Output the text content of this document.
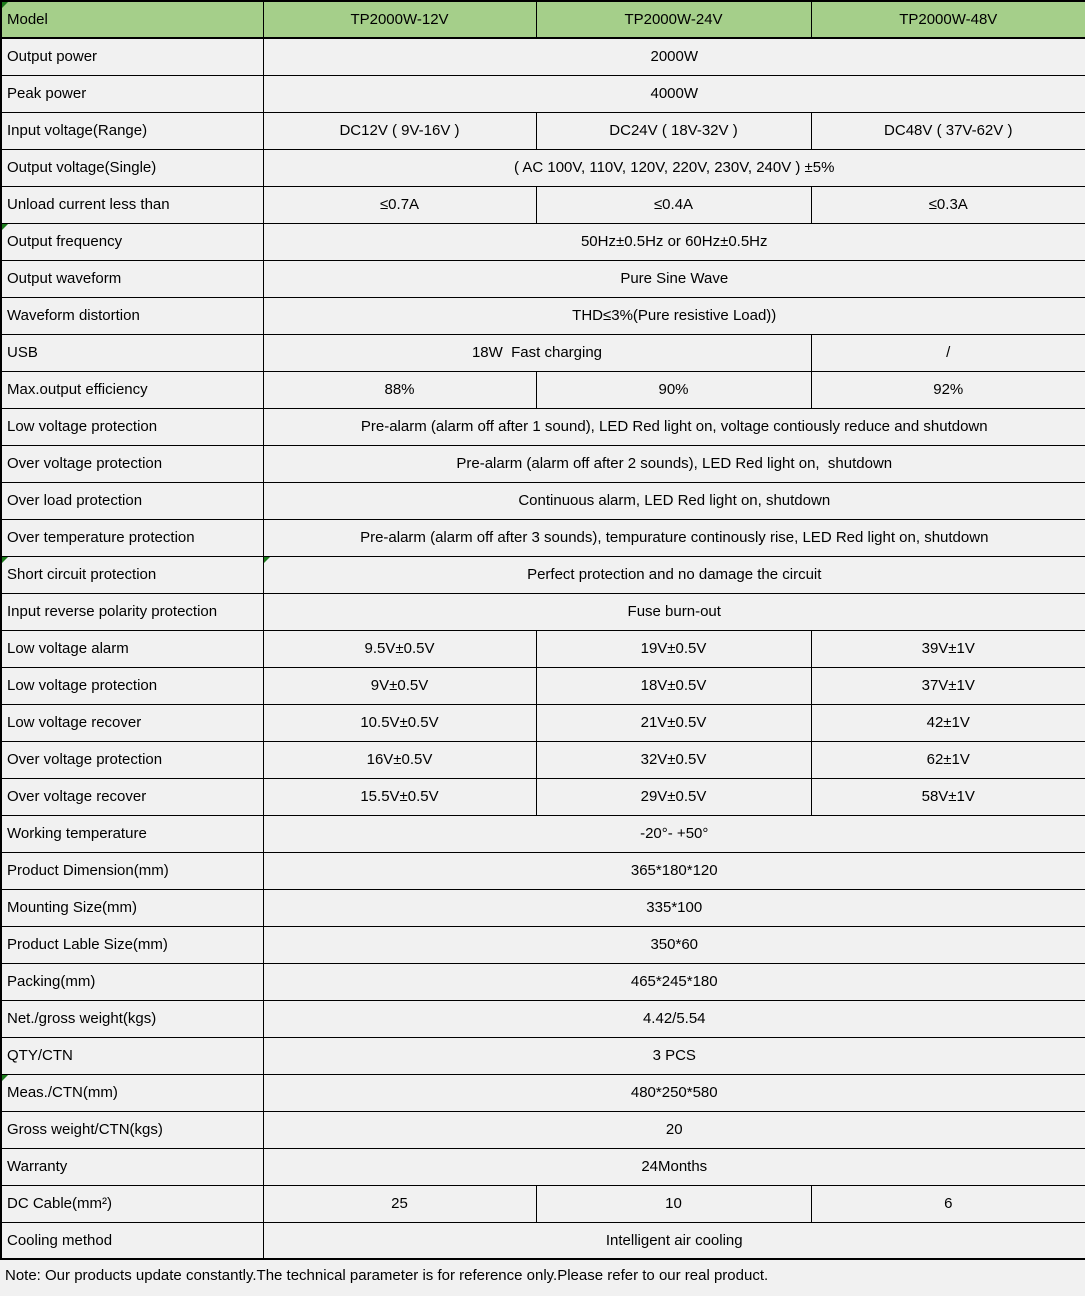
Model	TP2000W-12V	TP2000W-24V	TP2000W-48V
Output power	2000W		
Peak power	4000W		
Input voltage(Range)	DC12V ( 9V-16V )	DC24V ( 18V-32V )	DC48V ( 37V-62V )
Output voltage(Single)	( AC 100V, 110V, 120V, 220V, 230V, 240V ) ±5%		
Unload current less than	≤0.7A	≤0.4A	≤0.3A
Output frequency	50Hz±0.5Hz or 60Hz±0.5Hz		
Output waveform	Pure Sine Wave		
Waveform distortion	THD≤3%(Pure resistive Load))		
USB	18W  Fast charging		/
Max.output efficiency	88%	90%	92%
Low voltage protection	Pre-alarm (alarm off after 1 sound), LED Red light on, voltage contiously reduce and shutdown		
Over voltage protection	Pre-alarm (alarm off after 2 sounds), LED Red light on,  shutdown		
Over load protection	Continuous alarm, LED Red light on, shutdown		
Over temperature protection	Pre-alarm (alarm off after 3 sounds), tempurature continously rise, LED Red light on, shutdown		
Short circuit protection	Perfect protection and no damage the circuit		
Input reverse polarity protection	Fuse burn-out		
Low voltage alarm	9.5V±0.5V	19V±0.5V	39V±1V
Low voltage protection	9V±0.5V	18V±0.5V	37V±1V
Low voltage recover	10.5V±0.5V	21V±0.5V	42±1V
Over voltage protection	16V±0.5V	32V±0.5V	62±1V
Over voltage recover	15.5V±0.5V	29V±0.5V	58V±1V
Working temperature	-20°- +50°		
Product Dimension(mm)	365*180*120		
Mounting Size(mm)	335*100		
Product Lable Size(mm)	350*60		
Packing(mm)	465*245*180		
Net./gross weight(kgs)	4.42/5.54		
QTY/CTN	3 PCS		
Meas./CTN(mm)	480*250*580		
Gross weight/CTN(kgs)	20		
Warranty	24Months		
DC Cable(mm²)	25	10	6
Cooling method	Intelligent air cooling		
Note: Our products update constantly.The technical parameter is for reference only.Please refer to our real product.
